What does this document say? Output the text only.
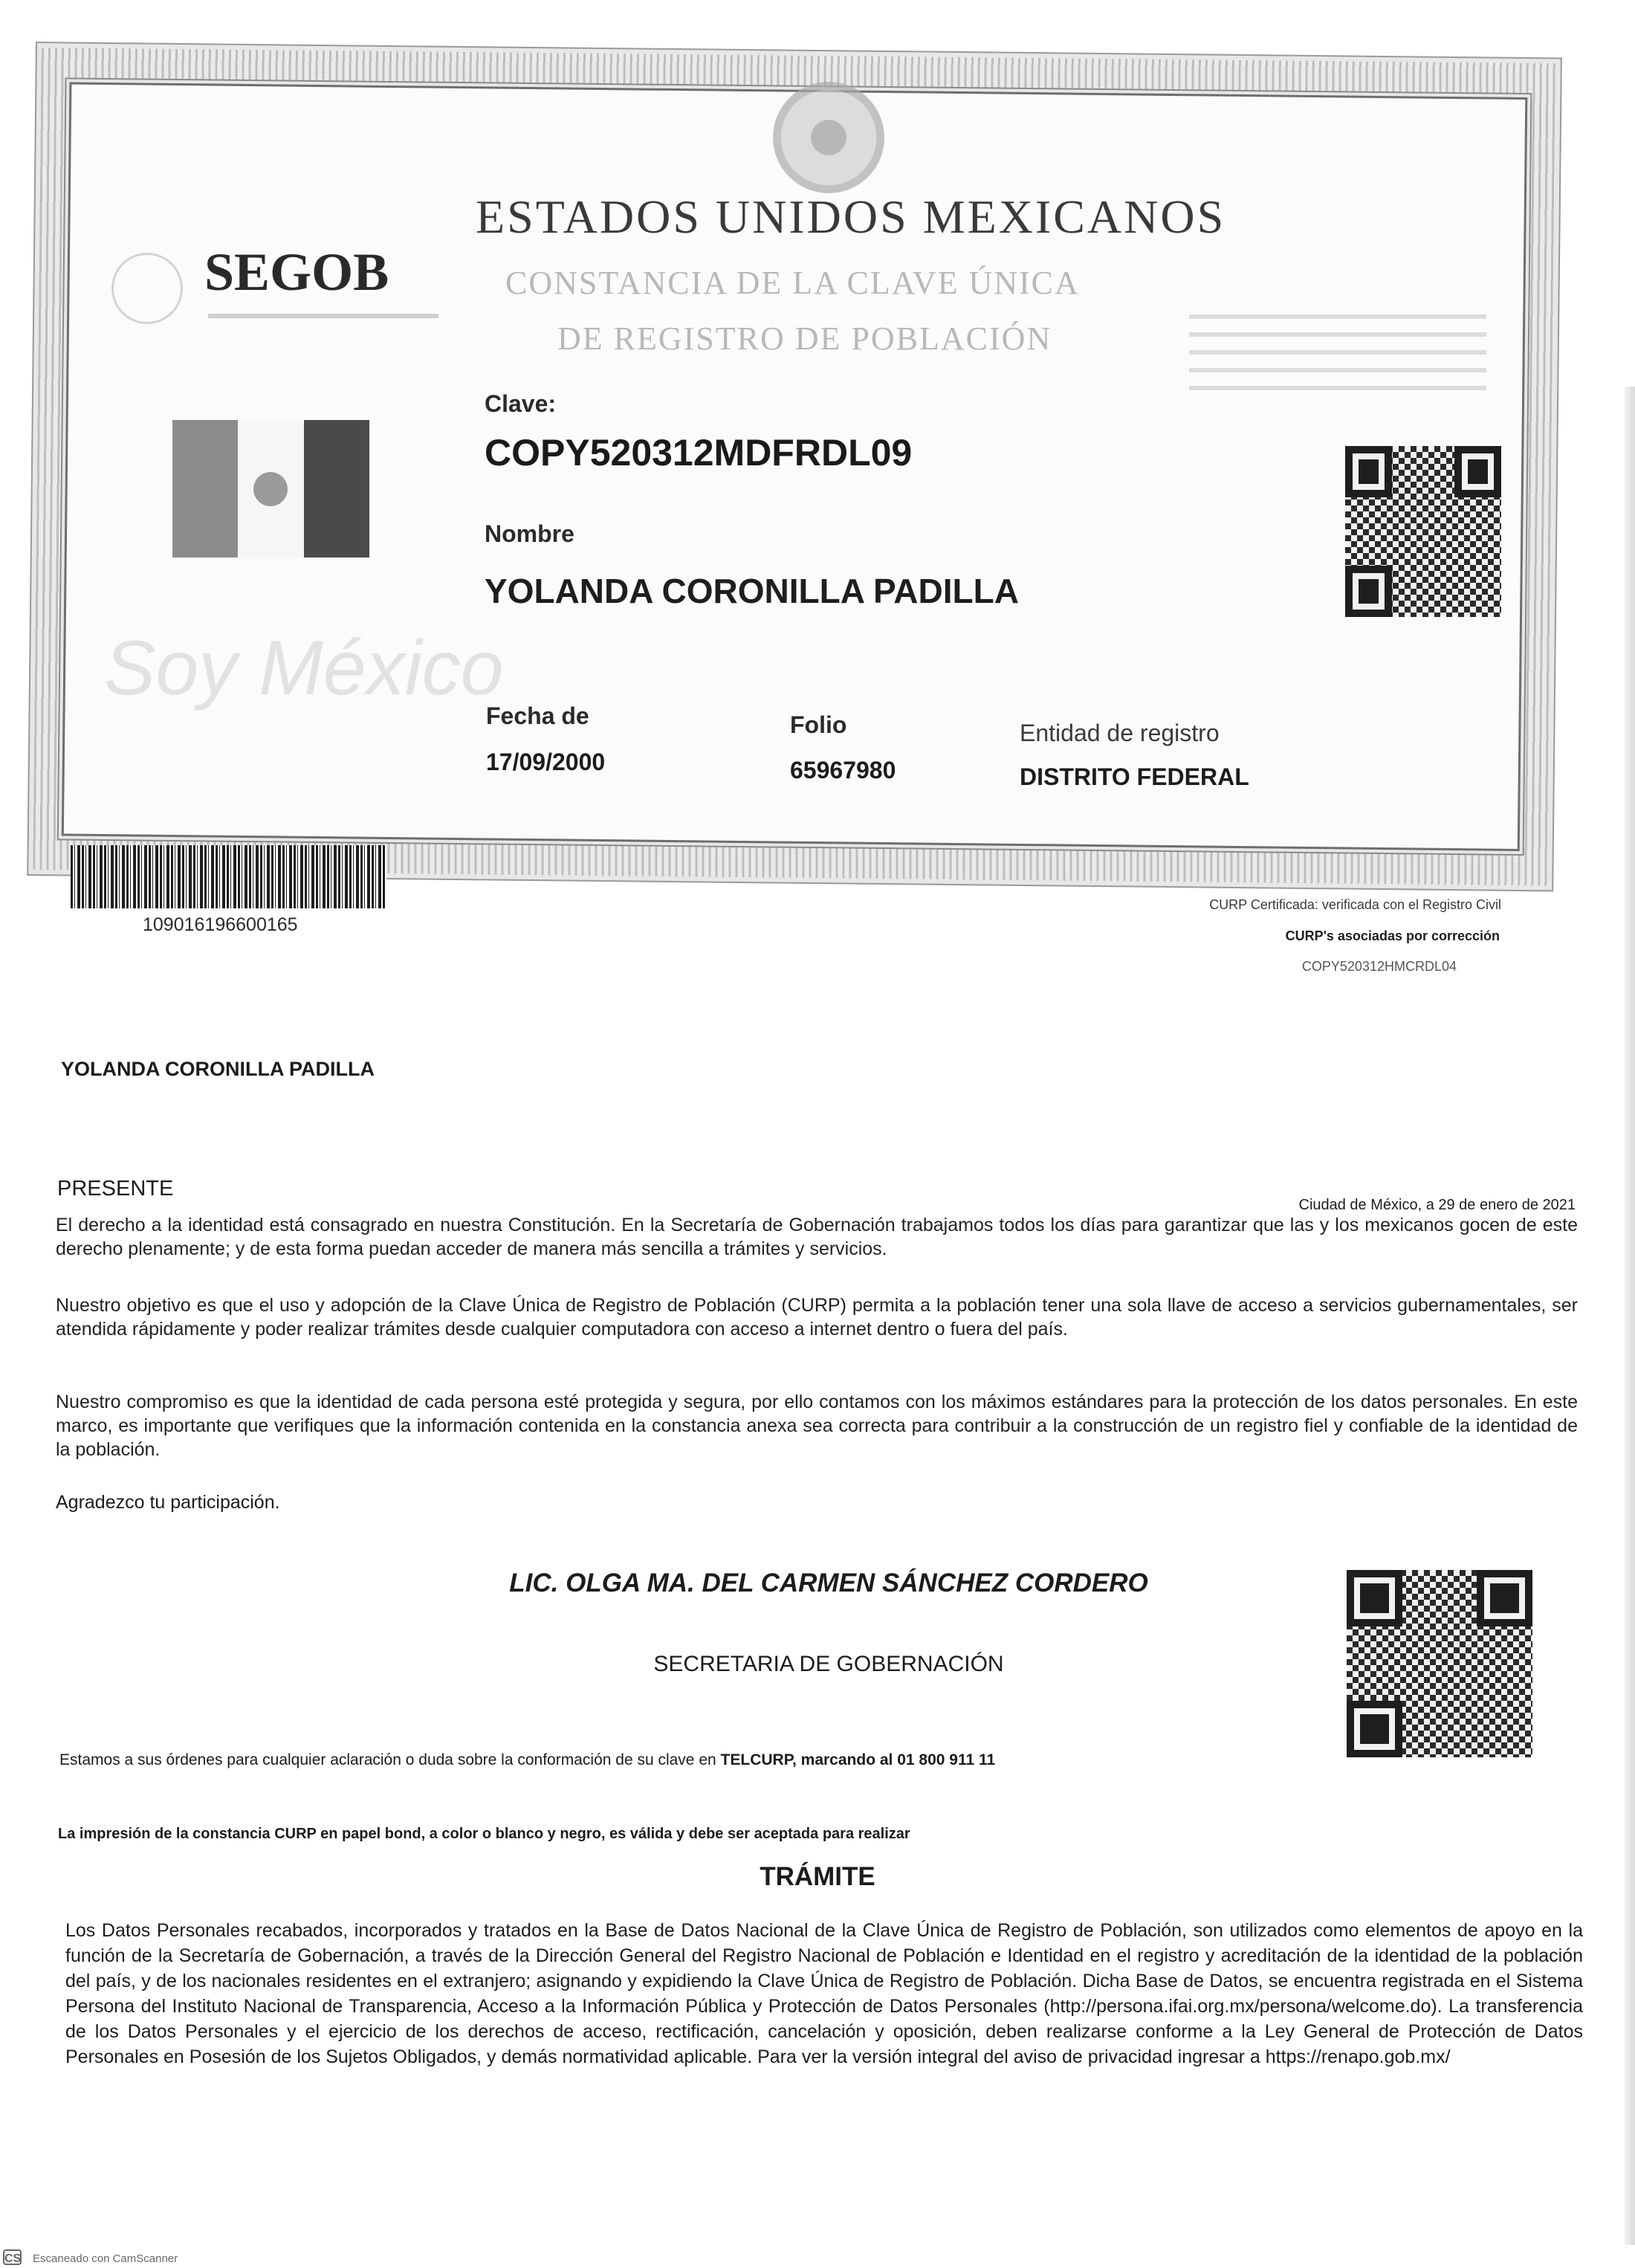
ESTADOS UNIDOS MEXICANOS
CONSTANCIA DE LA CLAVE ÚNICA
DE REGISTRO DE POBLACIÓN
SEGOB
Soy México
Clave:
COPY520312MDFRDL09
Nombre
YOLANDA CORONILLA PADILLA
Fecha de
17/09/2000
Folio
65967980
Entidad de registro
DISTRITO FEDERAL
109016196600165
CURP Certificada: verificada con el Registro Civil
CURP's asociadas por corrección
COPY520312HMCRDL04
YOLANDA CORONILLA PADILLA
PRESENTE
Ciudad de México, a 29 de enero de 2021
El derecho a la identidad está consagrado en nuestra Constitución. En la Secretaría de Gobernación trabajamos todos los días para garantizar que las y los mexicanos gocen de este derecho plenamente; y de esta forma puedan acceder de manera más sencilla a trámites y servicios.
Nuestro objetivo es que el uso y adopción de la Clave Única de Registro de Población (CURP) permita a la población tener una sola llave de acceso a servicios gubernamentales, ser atendida rápidamente y poder realizar trámites desde cualquier computadora con acceso a internet dentro o fuera del país.
Nuestro compromiso es que la identidad de cada persona esté protegida y segura, por ello contamos con los máximos estándares para la protección de los datos personales. En este marco, es importante que verifiques que la información contenida en la constancia anexa sea correcta para contribuir a la construcción de un registro fiel y confiable de la identidad de la población.
Agradezco tu participación.
LIC. OLGA MA. DEL CARMEN SÁNCHEZ CORDERO
SECRETARIA DE GOBERNACIÓN
Estamos a sus órdenes para cualquier aclaración o duda sobre la conformación de su clave en TELCURP, marcando al 01 800 911 11
La impresión de la constancia CURP en papel bond, a color o blanco y negro, es válida y debe ser aceptada para realizar
TRÁMITE
Los Datos Personales recabados, incorporados y tratados en la Base de Datos Nacional de la Clave Única de Registro de Población, son utilizados como elementos de apoyo en la función de la Secretaría de Gobernación, a través de la Dirección General del Registro Nacional de Población e Identidad en el registro y acreditación de la identidad de la población del país, y de los nacionales residentes en el extranjero; asignando y expidiendo la Clave Única de Registro de Población. Dicha Base de Datos, se encuentra registrada en el Sistema Persona del Instituto Nacional de Transparencia, Acceso a la Información Pública y Protección de Datos Personales (http://persona.ifai.org.mx/persona/welcome.do). La transferencia de los Datos Personales y el ejercicio de los derechos de acceso, rectificación, cancelación y oposición, deben realizarse conforme a la Ley General de Protección de Datos Personales en Posesión de los Sujetos Obligados, y demás normatividad aplicable. Para ver la versión integral del aviso de privacidad ingresar a https://renapo.gob.mx/
CS Escaneado con CamScanner
